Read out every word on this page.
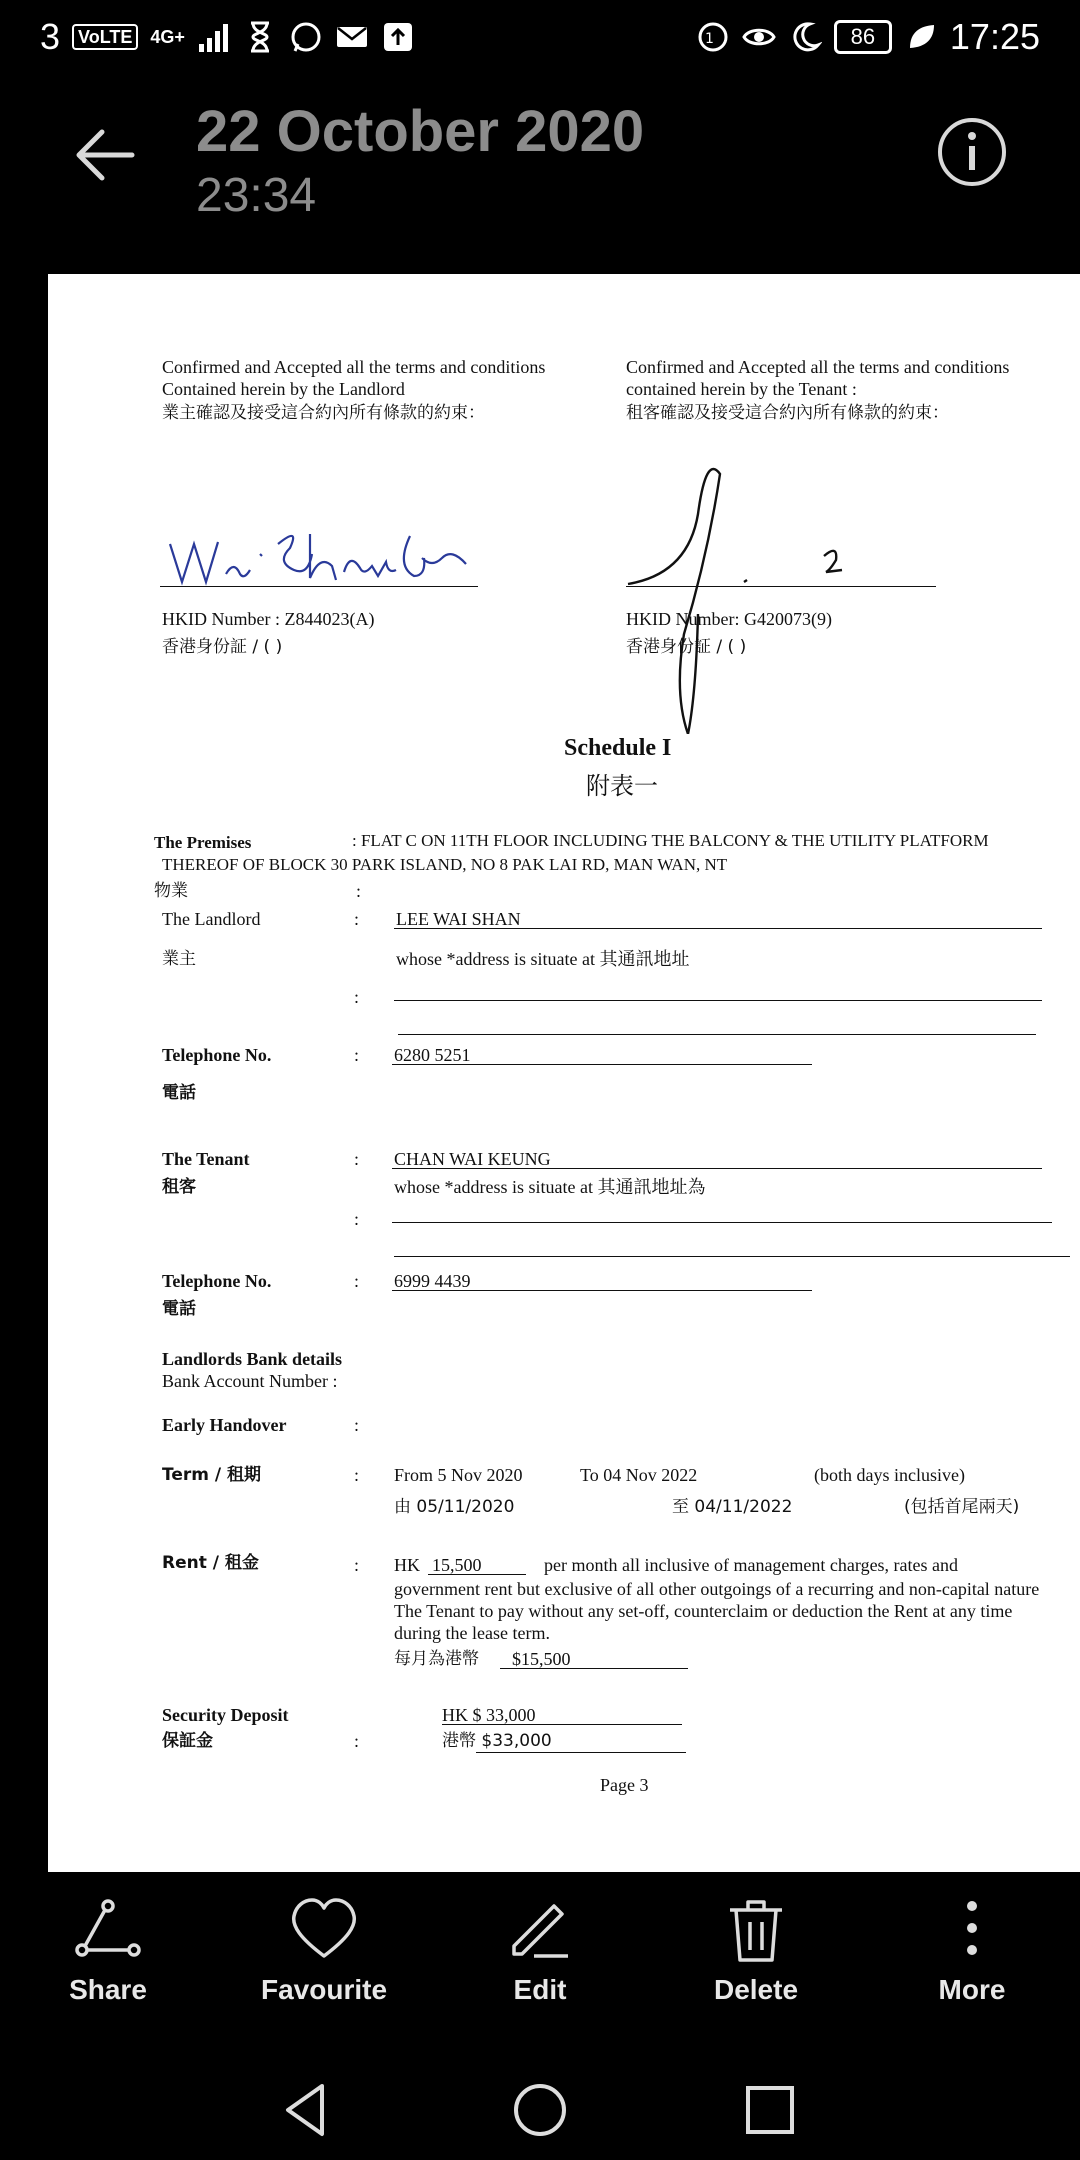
3	VoLTE	4G+	1	86	17:25
22 October 2020
23:34
Confirmed and Accepted all the terms and conditions
Contained herein by the Landlord
業主確認及接受這合約內所有條款的約束：
Confirmed and Accepted all the terms and conditions
contained herein by the Tenant :
租客確認及接受這合約內所有條款的約束：
HKID Number : Z844023(A)
香港身份証 / ( )
HKID Number: G420073(9)
香港身份証 / ( )
Schedule I
附表一
The Premises	: FLAT C ON 11TH FLOOR INCLUDING THE BALCONY & THE UTILITY PLATFORM
THEREOF OF BLOCK 30 PARK ISLAND, NO 8 PAK LAI RD, MAN WAN, NT
物業	:
The Landlord	: LEE WAI SHAN
業主	whose *address is situate at 其通訊地址
:
Telephone No.	: 6280 5251
電話
The Tenant	: CHAN WAI KEUNG
租客	whose *address is situate at 其通訊地址為
:
Telephone No.	: 6999 4439
電話
Landlords Bank details
Bank Account Number :
Early Handover	:
Term / 租期	: From 5 Nov 2020	To 04 Nov 2022	(both days inclusive)
由 05/11/2020	至 04/11/2022	(包括首尾兩天)
Rent / 租金	: HK 15,500	per month all inclusive of management charges, rates and
government rent but exclusive of all other outgoings of a recurring and non-capital nature
The Tenant to pay without any set-off, counterclaim or deduction the Rent at any time
during the lease term.
每月為港幣 $15,500
Security Deposit
保証金	:
HK $ 33,000
港幣 $33,000
Page 3
Share	Favourite	Edit	Delete	More
